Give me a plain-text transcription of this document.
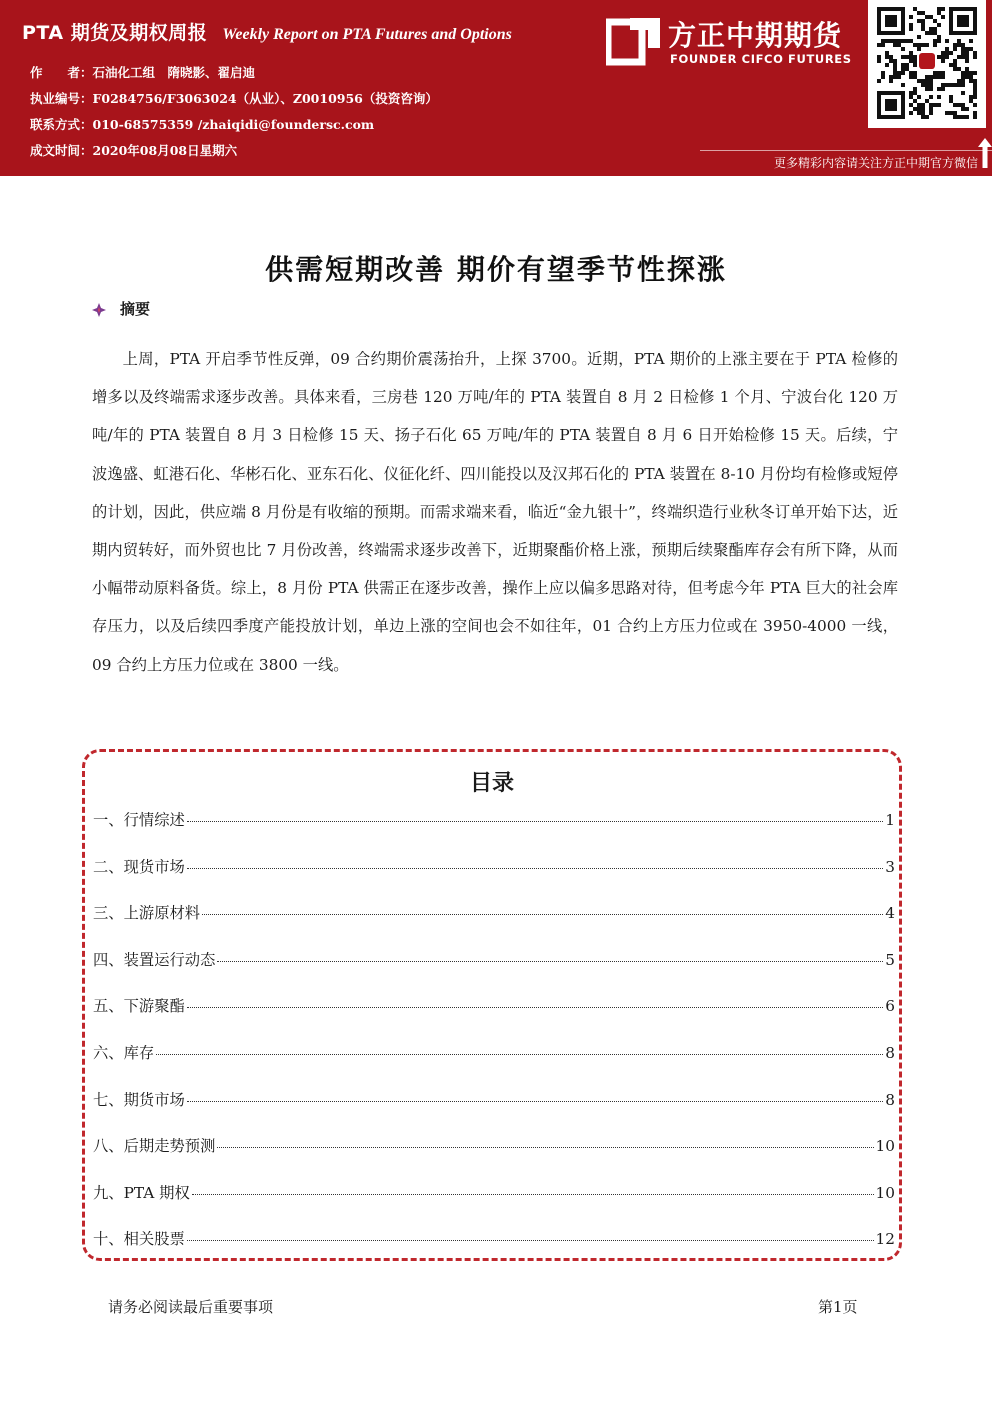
PTA 期货及期权周报 Weekly Report on PTA Futures and Options
作　　者：石油化工组　隋晓影、翟启迪
执业编号：F0284756/F3063024（从业）、Z0010956（投资咨询）
联系方式：010-68575359 /zhaiqidi@foundersc.com
成文时间：2020年08月08日星期六
方正中期期货
FOUNDER CIFCO FUTURES
更多精彩内容请关注方正中期官方微信
供需短期改善 期价有望季节性探涨
摘要

上周，PTA 开启季节性反弹，09 合约期价震荡抬升，上探 3700。近期，PTA 期价的上涨主要在于 PTA 检修的增多以及终端需求逐步改善。具体来看，三房巷 120 万吨/年的 PTA 装置自 8 月 2 日检修 1 个月、宁波台化 120 万吨/年的 PTA 装置自 8 月 3 日检修 15 天、扬子石化 65 万吨/年的 PTA 装置自 8 月 6 日开始检修 15 天。后续，宁波逸盛、虹港石化、华彬石化、亚东石化、仪征化纤、四川能投以及汉邦石化的 PTA 装置在 8-10 月份均有检修或短停的计划，因此，供应端 8 月份是有收缩的预期。而需求端来看，临近“金九银十”，终端织造行业秋冬订单开始下达，近期内贸转好，而外贸也比 7 月份改善，终端需求逐步改善下，近期聚酯价格上涨，预期后续聚酯库存会有所下降，从而小幅带动原料备货。综上，8 月份 PTA 供需正在逐步改善，操作上应以偏多思路对待，但考虑今年 PTA 巨大的社会库存压力，以及后续四季度产能投放计划，单边上涨的空间也会不如往年，01 合约上方压力位或在 3950-4000 一线，09 合约上方压力位或在 3800 一线。

目录
一、行情综述	1
二、现货市场	3
三、上游原材料	4
四、装置运行动态	5
五、下游聚酯	6
六、库存	8
七、期货市场	8
八、后期走势预测	10
九、PTA 期权	10
十、相关股票	12
请务必阅读最后重要事项	第1页
